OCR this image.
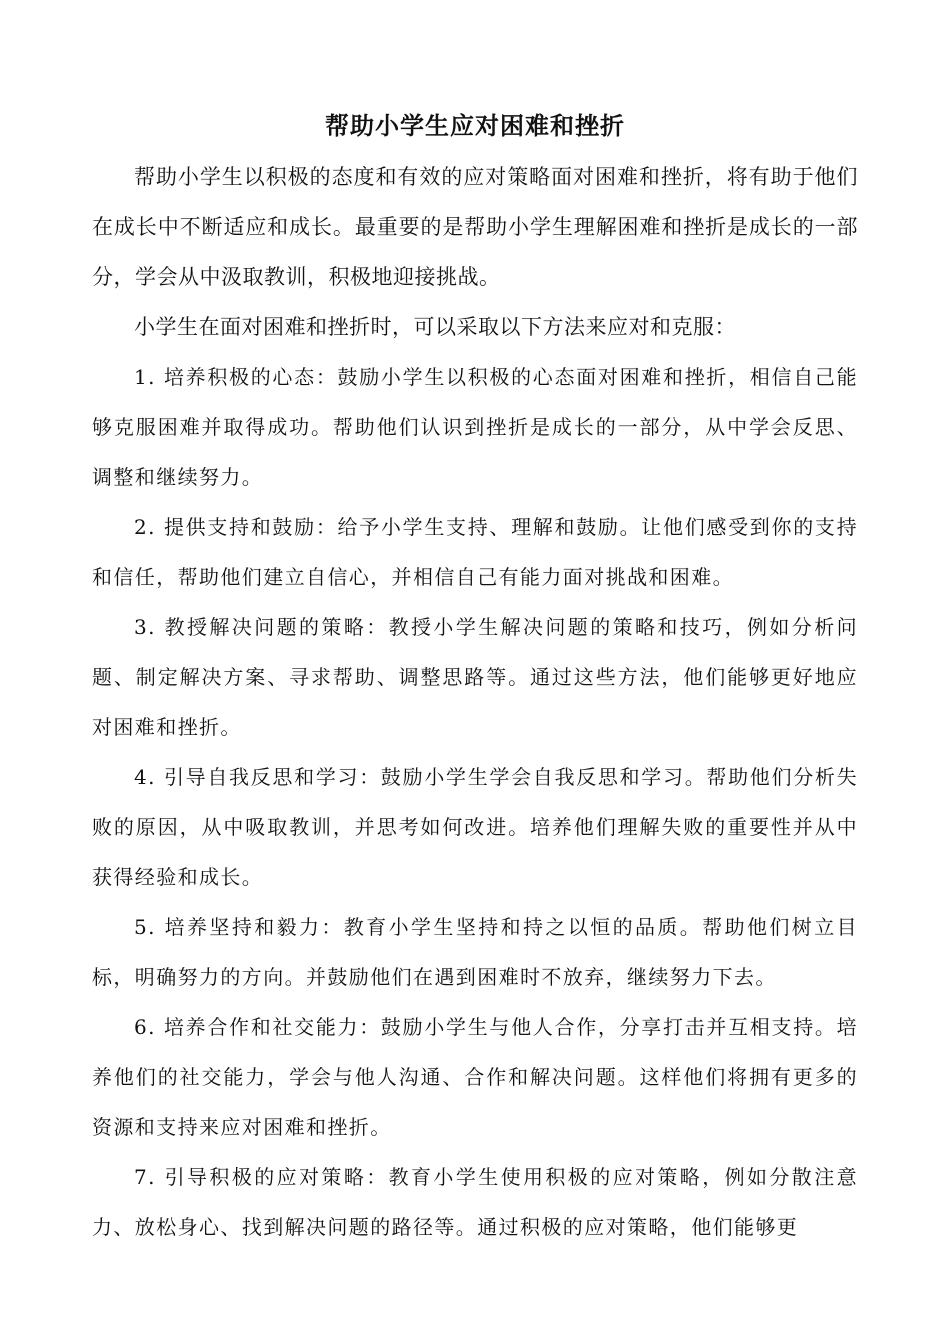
帮助小学生应对困难和挫折

帮助小学生以积极的态度和有效的应对策略面对困难和挫折，将有助于他们在成长中不断适应和成长。最重要的是帮助小学生理解困难和挫折是成长的一部分，学会从中汲取教训，积极地迎接挑战。

小学生在面对困难和挫折时，可以采取以下方法来应对和克服：

1. 培养积极的心态：鼓励小学生以积极的心态面对困难和挫折，相信自己能够克服困难并取得成功。帮助他们认识到挫折是成长的一部分，从中学会反思、调整和继续努力。

2. 提供支持和鼓励：给予小学生支持、理解和鼓励。让他们感受到你的支持和信任，帮助他们建立自信心，并相信自己有能力面对挑战和困难。

3. 教授解决问题的策略：教授小学生解决问题的策略和技巧，例如分析问题、制定解决方案、寻求帮助、调整思路等。通过这些方法，他们能够更好地应对困难和挫折。

4. 引导自我反思和学习：鼓励小学生学会自我反思和学习。帮助他们分析失败的原因，从中吸取教训，并思考如何改进。培养他们理解失败的重要性并从中获得经验和成长。

5. 培养坚持和毅力：教育小学生坚持和持之以恒的品质。帮助他们树立目标，明确努力的方向。并鼓励他们在遇到困难时不放弃，继续努力下去。

6. 培养合作和社交能力：鼓励小学生与他人合作，分享打击并互相支持。培养他们的社交能力，学会与他人沟通、合作和解决问题。这样他们将拥有更多的资源和支持来应对困难和挫折。

7. 引导积极的应对策略：教育小学生使用积极的应对策略，例如分散注意力、放松身心、找到解决问题的路径等。通过积极的应对策略，他们能够更
